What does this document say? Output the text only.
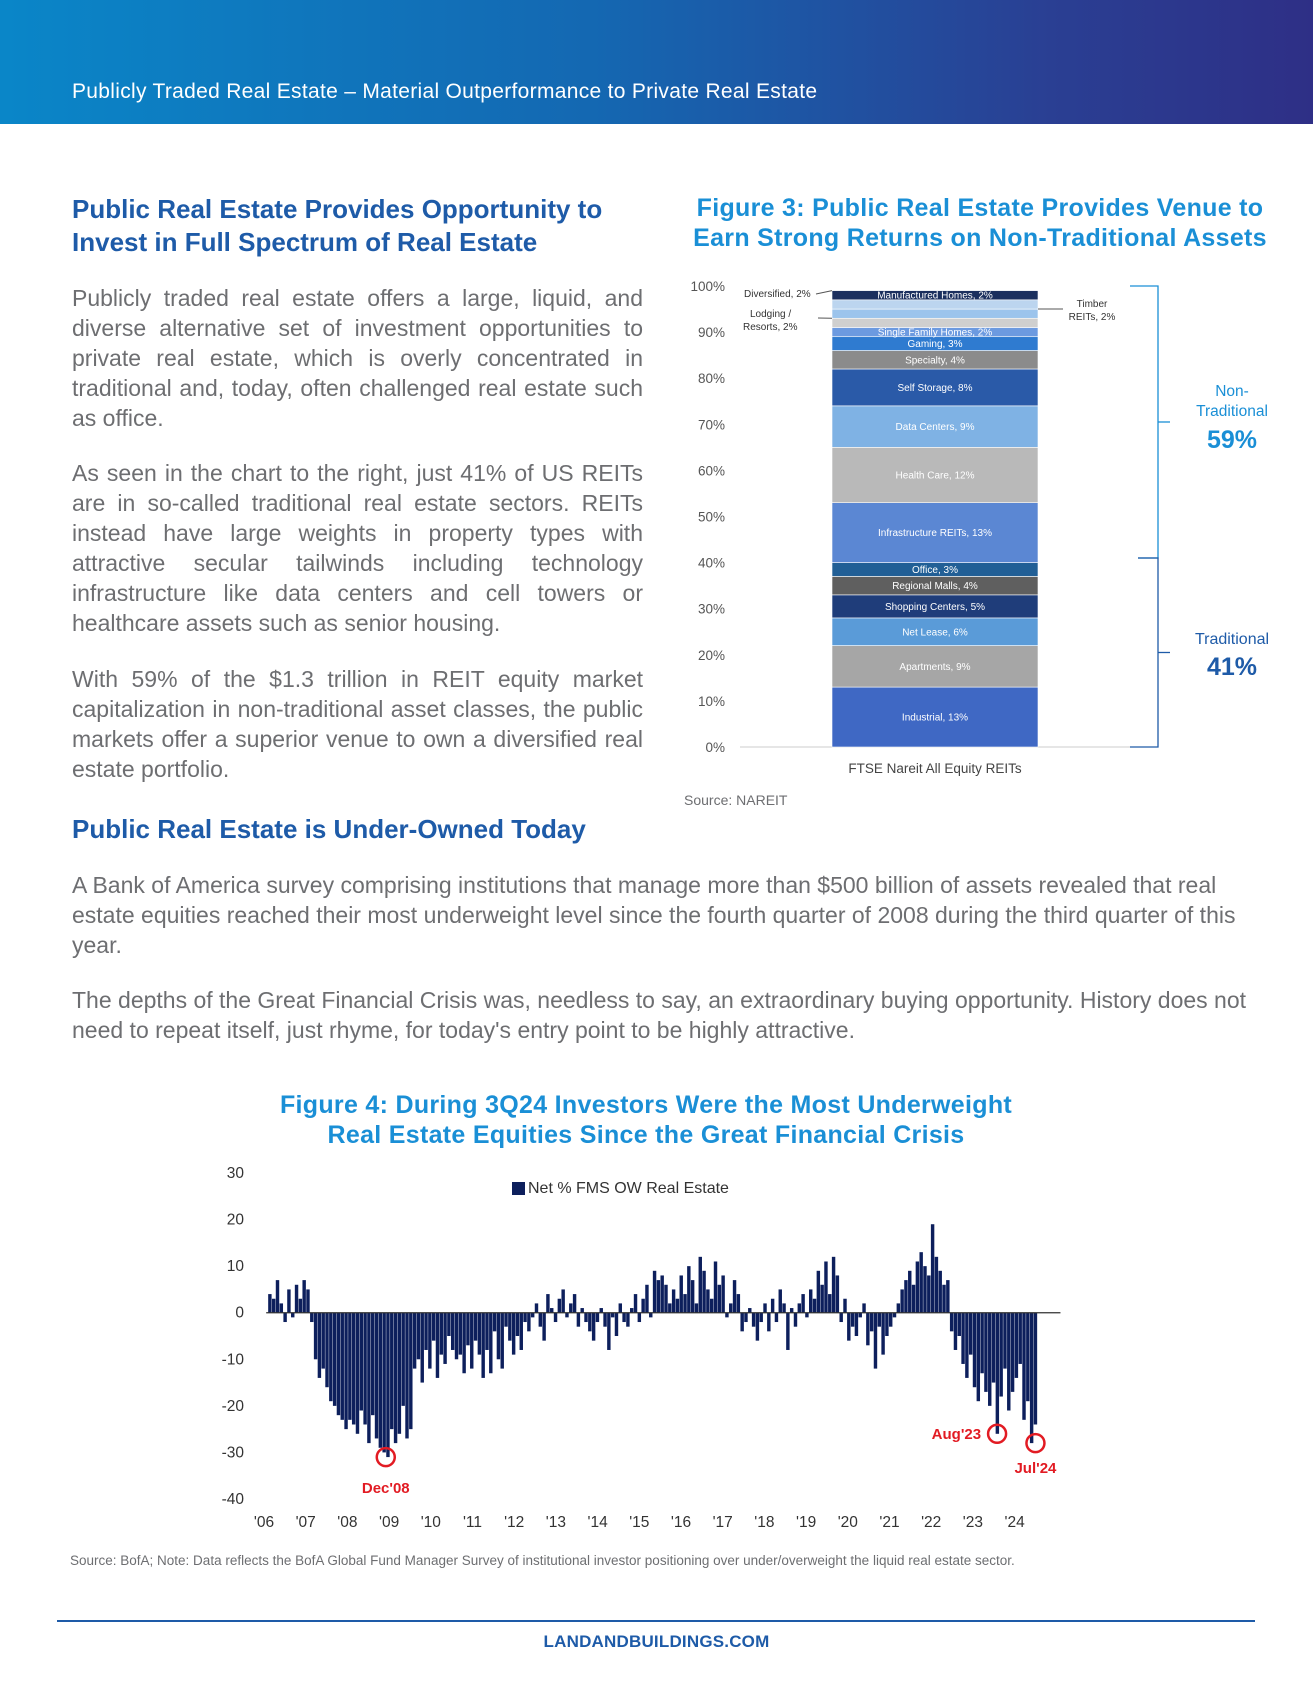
Publicly Traded Real Estate – Material Outperformance to Private Real Estate
Public Real Estate Provides Opportunity to
Invest in Full Spectrum of Real Estate
Publicly traded real estate offers a large, liquid, and diverse alternative set of investment opportunities to private real estate, which is overly concentrated in traditional and, today, often challenged real estate such as office.
As seen in the chart to the right, just 41% of US REITs are in so-called traditional real estate sectors. REITs instead have large weights in property types with attractive secular tailwinds including technology infrastructure like data centers and cell towers or healthcare assets such as senior housing.
With 59% of the $1.3 trillion in REIT equity market capitalization in non-traditional asset classes, the public markets offer a superior venue to own a diversified real estate portfolio.
Figure 3: Public Real Estate Provides Venue to
Earn Strong Returns on Non-Traditional Assets
0%
10%
20%
30%
40%
50%
60%
70%
80%
90%
100%
Industrial, 13%
Apartments, 9%
Net Lease, 6%
Shopping Centers, 5%
Regional Malls, 4%
Office, 3%
Infrastructure REITs, 13%
Health Care, 12%
Data Centers, 9%
Self Storage, 8%
Specialty, 4%
Gaming, 3%
Single Family Homes, 2%
Manufactured Homes, 2%
FTSE Nareit All Equity REITs
Diversified, 2%
Lodging /
Resorts, 2%
Timber
REITs, 2%
Non-
Traditional
59%
Traditional
41%
Source: NAREIT
Public Real Estate is Under-Owned Today
A Bank of America survey comprising institutions that manage more than $500 billion of assets revealed that real estate equities reached their most underweight level since the fourth quarter of 2008 during the third quarter of this year.
The depths of the Great Financial Crisis was, needless to say, an extraordinary buying opportunity. History does not need to repeat itself, just rhyme, for today's entry point to be highly attractive.
Figure 4: During 3Q24 Investors Were the Most Underweight
Real Estate Equities Since the Great Financial Crisis
30
20
10
0
-10
-20
-30
-40
'06 '07 '08 '09 '10 '11 '12 '13 '14 '15 '16 '17 '18 '19 '20 '21 '22 '23 '24
Net % FMS OW Real Estate
Dec'08
Aug'23
Jul'24
Source: BofA; Note: Data reflects the BofA Global Fund Manager Survey of institutional investor positioning over under/overweight the liquid real estate sector.
LANDANDBUILDINGS.COM
